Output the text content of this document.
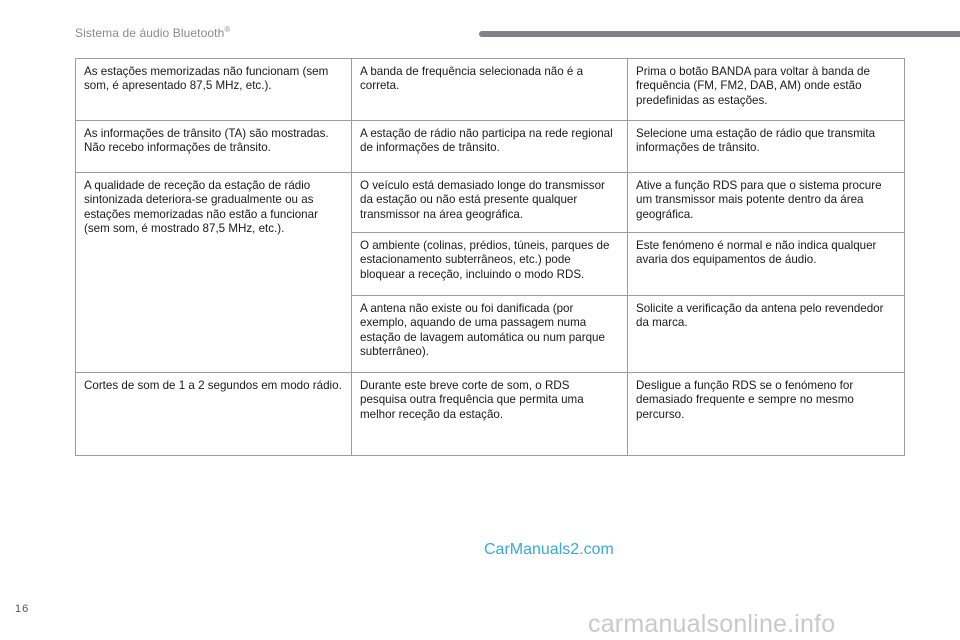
Sistema de áudio Bluetooth®
As estações memorizadas não funcionam (sem som, é apresentado 87,5 MHz, etc.).	A banda de frequência selecionada não é a correta.	Prima o botão BANDA para voltar à banda de frequência (FM, FM2, DAB, AM) onde estão predefinidas as estações.
As informações de trânsito (TA) são mostradas. Não recebo informações de trânsito.	A estação de rádio não participa na rede regional de informações de trânsito.	Selecione uma estação de rádio que transmita informações de trânsito.
A qualidade de receção da estação de rádio sintonizada deteriora-se gradualmente ou as estações memorizadas não estão a funcionar (sem som, é mostrado 87,5 MHz, etc.).	O veículo está demasiado longe do transmissor da estação ou não está presente qualquer transmissor na área geográfica.	Ative a função RDS para que o sistema procure um transmissor mais potente dentro da área geográfica.
	O ambiente (colinas, prédios, túneis, parques de estacionamento subterrâneos, etc.) pode bloquear a receção, incluindo o modo RDS.	Este fenómeno é normal e não indica qualquer avaria dos equipamentos de áudio.
	A antena não existe ou foi danificada (por exemplo, aquando de uma passagem numa estação de lavagem automática ou num parque subterrâneo).	Solicite a verificação da antena pelo revendedor da marca.
Cortes de som de 1 a 2 segundos em modo rádio.	Durante este breve corte de som, o RDS pesquisa outra frequência que permita uma melhor receção da estação.	Desligue a função RDS se o fenómeno for demasiado frequente e sempre no mesmo percurso.
16
CarManuals2.com
carmanualsonline.info
